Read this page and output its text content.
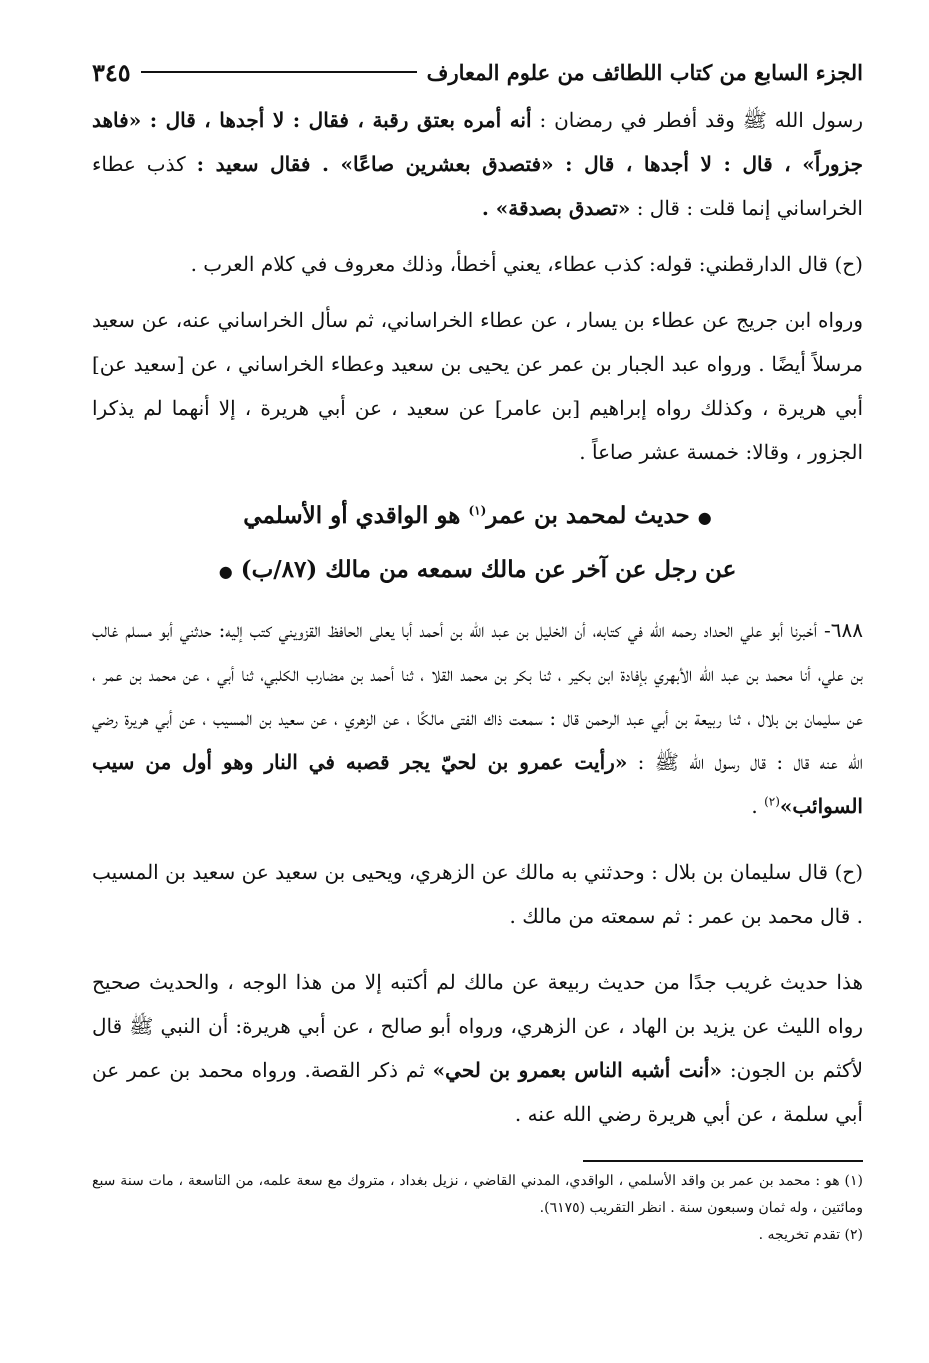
الجزء السابع من كتاب اللطائف من علوم المعارف
٣٤٥

رسول الله ﷺ وقد أفطر في رمضان : أنه أمره بعتق رقبة ، فقال : لا أجدها ، قال : «فاهد جزوراً» ، قال : لا أجدها ، قال : «فتصدق بعشرين صاعًا» . فقال سعيد : كذب عطاء الخراساني إنما قلت : قال : «تصدق بصدقة» .

(ح) قال الدارقطني: قوله: كذب عطاء، يعني أخطأ، وذلك معروف في كلام العرب .

ورواه ابن جريج عن عطاء بن يسار ، عن عطاء الخراساني، ثم سأل الخراساني عنه، عن سعيد مرسلاً أيضًا . ورواه عبد الجبار بن عمر عن يحيى بن سعيد وعطاء الخراساني ، عن [سعيد عن] أبي هريرة ، وكذلك رواه إبراهيم [بن عامر] عن سعيد ، عن أبي هريرة ، إلا أنهما لم يذكرا الجزور ، وقالا: خمسة عشر صاعاً .

● حديث لمحمد بن عمر$^{(١)}$ هو الواقدي أو الأسلمي
عن رجل عن آخر عن مالك سمعه من مالك (٨٧/ب) ●

٦٨٨- أخبرنا أبو علي الحداد رحمه الله في كتابه، أن الخليل بن عبد الله بن أحمد أبا يعلى الحافظ القزويني كتب إليه: حدثني أبو مسلم غالب بن علي، أنا محمد بن عبد الله الأبهري بإفادة ابن بكير ، ثنا بكر بن محمد القلا ، ثنا أحمد بن مضارب الكلبي، ثنا أبي ، عن محمد بن عمر ، عن سليمان بن بلال ، ثنا ربيعة بن أبي عبد الرحمن قال : سمعت ذاك الفتى مالكًا ، عن الزهري ، عن سعيد بن المسيب ، عن أبي هريرة رضي الله عنه قال : قال رسول الله ﷺ : «رأيت عمرو بن لحيّ يجر قصبه في النار وهو أول من سيب السوائب»$^{(٢)}$ .

(ح) قال سليمان بن بلال : وحدثني به مالك عن الزهري، ويحيى بن سعيد عن سعيد بن المسيب . قال محمد بن عمر : ثم سمعته من مالك .

هذا حديث غريب جدًا من حديث ربيعة عن مالك لم أكتبه إلا من هذا الوجه ، والحديث صحيح رواه الليث عن يزيد بن الهاد ، عن الزهري، ورواه أبو صالح ، عن أبي هريرة: أن النبي ﷺ قال لأكثم بن الجون: «أنت أشبه الناس بعمرو بن لحي» ثم ذكر القصة. ورواه محمد بن عمر عن أبي سلمة ، عن أبي هريرة رضي الله عنه .

(١) هو : محمد بن عمر بن واقد الأسلمي ، الواقدي، المدني القاضي ، نزيل بغداد ، متروك مع سعة علمه، من التاسعة ، مات سنة سبع ومائتين ، وله ثمان وسبعون سنة . انظر التقريب (٦١٧٥).

(٢) تقدم تخريجه .
